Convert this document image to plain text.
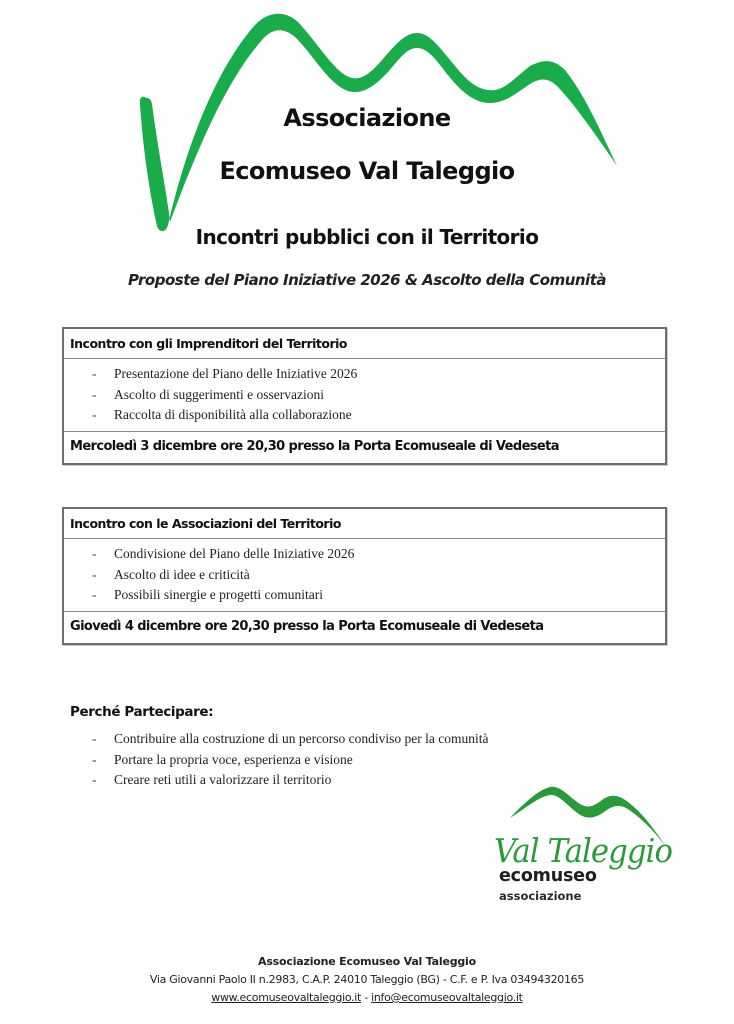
Associazione
Ecomuseo Val Taleggio
Incontri pubblici con il Territorio
Proposte del Piano Iniziative 2026 & Ascolto della Comunità
Incontro con gli Imprenditori del Territorio
- Presentazione del Piano delle Iniziative 2026
- Ascolto di suggerimenti e osservazioni
- Raccolta di disponibilità alla collaborazione
Mercoledì 3 dicembre ore 20,30 presso la Porta Ecomuseale di Vedeseta
Incontro con le Associazioni del Territorio
- Condivisione del Piano delle Iniziative 2026
- Ascolto di idee e criticità
- Possibili sinergie e progetti comunitari
Giovedì 4 dicembre ore 20,30 presso la Porta Ecomuseale di Vedeseta
Perché Partecipare:
- Contribuire alla costruzione di un percorso condiviso per la comunità
- Portare la propria voce, esperienza e visione
- Creare reti utili a valorizzare il territorio
Val Taleggio
ecomuseo
associazione
Associazione Ecomuseo Val Taleggio
Via Giovanni Paolo II n.2983, C.A.P. 24010 Taleggio (BG) - C.F. e P. Iva 03494320165
www.ecomuseovaltaleggio.it - info@ecomuseovaltaleggio.it
